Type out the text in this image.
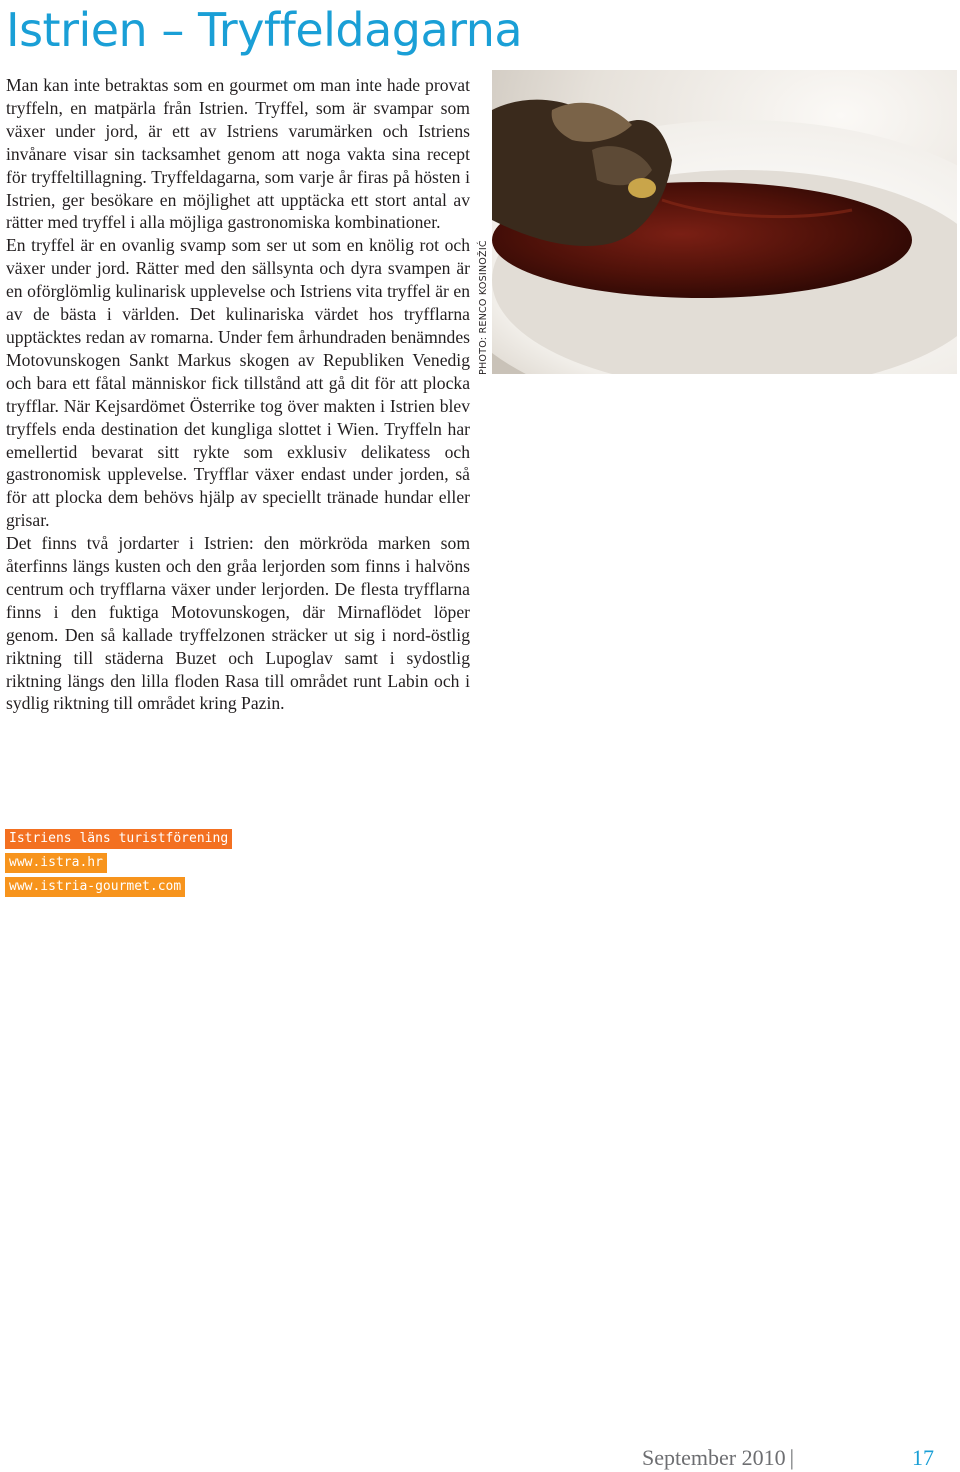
Istrien – Tryffeldagarna

Man kan inte betraktas som en gourmet om man inte hade provat tryffeln, en matpärla från Istrien. Tryffel, som är svampar som växer under jord, är ett av Istriens varumärken och Istriens invånare visar sin tacksamhet genom att noga vakta sina recept för tryffeltillagning. Tryffeldagarna, som varje år firas på hösten i Istrien, ger besökare en möjlighet att upptäcka ett stort antal av rätter med tryffel i alla möjliga gastronomiska kombinationer.

En tryffel är en ovanlig svamp som ser ut som en knölig rot och växer under jord. Rätter med den sällsynta och dyra svampen är en oförglömlig kulinarisk upplevelse och Istriens vita tryffel är en av de bästa i världen. Det kulinariska värdet hos tryfflarna upptäcktes redan av romarna. Under fem århundraden benämndes Motovunskogen Sankt Markus skogen av Republiken Venedig och bara ett fåtal människor fick tillstånd att gå dit för att plocka tryfflar. När Kejsardömet Österrike tog över makten i Istrien blev tryffels enda destination det kungliga slottet i Wien. Tryffeln har emellertid bevarat sitt rykte som exklusiv delikatess och gastronomisk upplevelse. Tryfflar växer endast under jorden, så för att plocka dem behövs hjälp av speciellt tränade hundar eller grisar.

Det finns två jordarter i Istrien: den mörkröda marken som återfinns längs kusten och den gråa lerjorden som finns i halvöns centrum och tryfflarna växer under lerjorden. De flesta tryfflarna finns i den fuktiga Motovunskogen, där Mirnaflödet löper genom. Den så kallade tryffelzonen sträcker ut sig i nord-östlig riktning till städerna Buzet och Lupoglav samt i sydostlig riktning längs den lilla floden Rasa till området runt Labin och i sydlig riktning till området kring Pazin.

PHOTO: RENCO KOSINOŽIĆ
Istriens läns turistförening
www.istra.hr
www.istria-gourmet.com
September 2010 |	17
